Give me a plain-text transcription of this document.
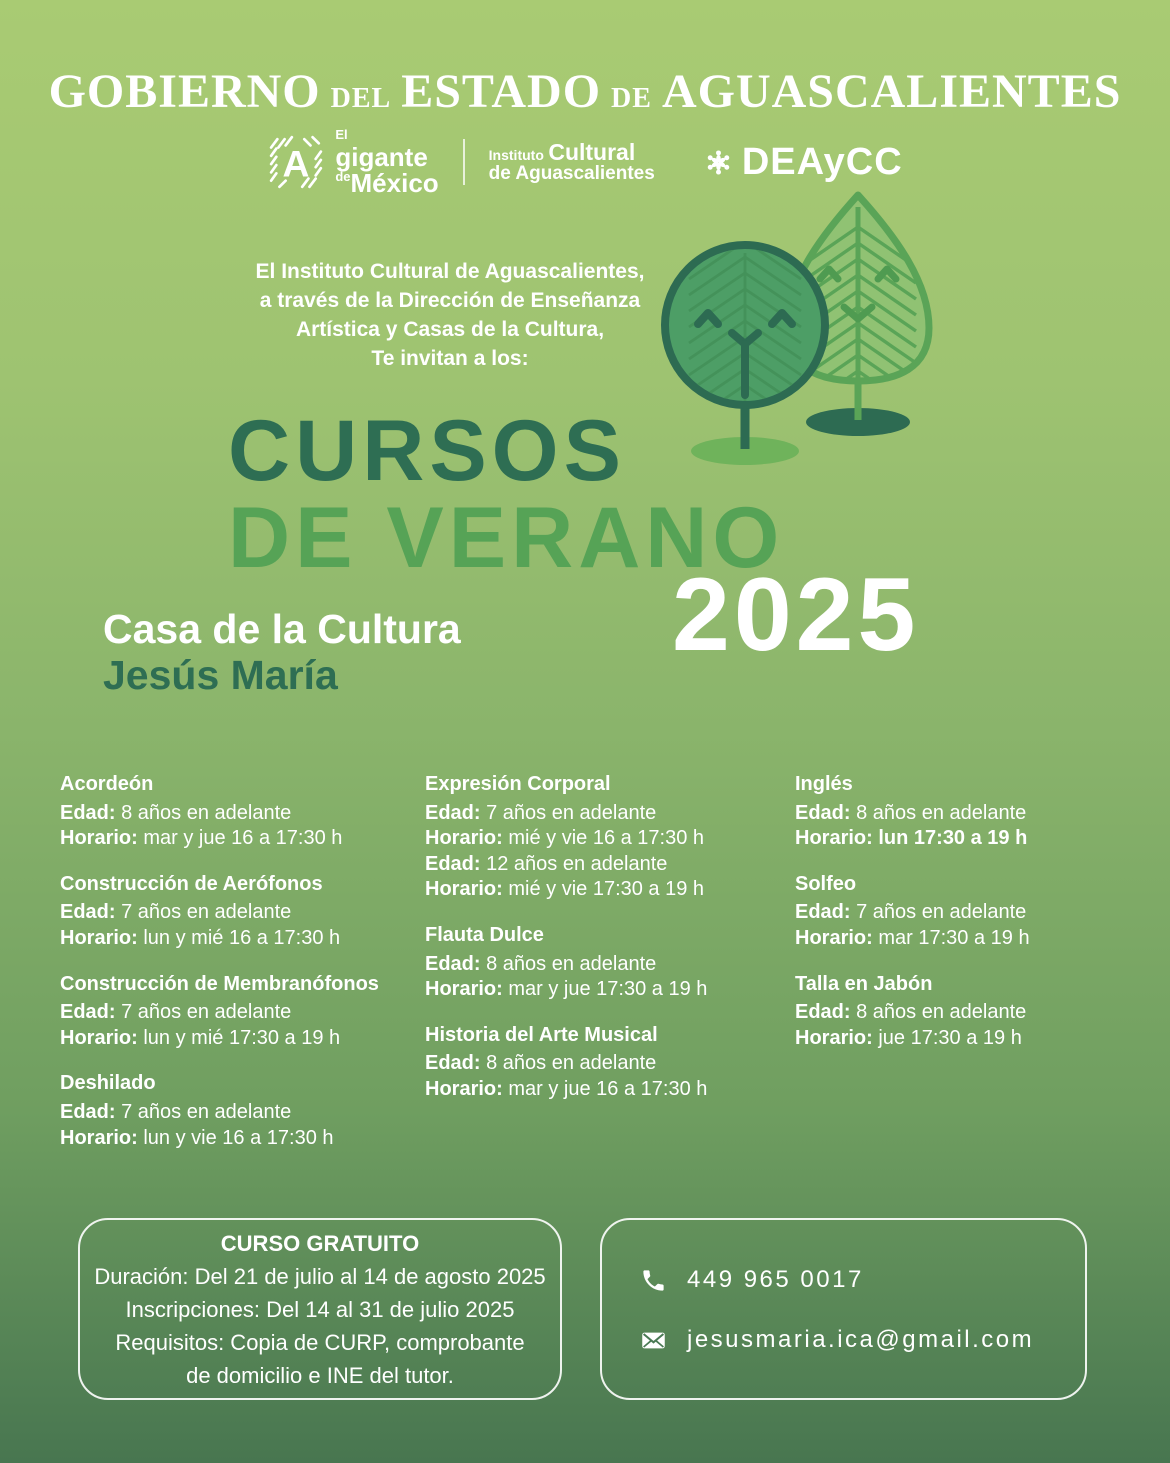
GOBIERNO DEL ESTADO DE AGUASCALIENTES
A
$^{El}$
gigante
$^{de}$México
Instituto Cultural
de Aguascalientes DEAyCC
El Instituto Cultural de Aguascalientes,
a través de la Dirección de Enseñanza
Artística y Casas de la Cultura,
Te invitan a los:
CURSOS
DE VERANO
2025
Casa de la Cultura
Jesús María

Acordeón

Edad: 8 años en adelante

Horario: mar y jue 16 a 17:30 h

Construcción de Aerófonos

Edad: 7 años en adelante

Horario: lun y mié 16 a 17:30 h

Construcción de Membranófonos

Edad: 7 años en adelante

Horario: lun y mié 17:30 a 19 h

Deshilado

Edad: 7 años en adelante

Horario: lun y vie 16 a 17:30 h

Expresión Corporal

Edad: 7 años en adelante

Horario: mié y vie 16 a 17:30 h

Edad: 12 años en adelante

Horario: mié y vie 17:30 a 19 h

Flauta Dulce

Edad: 8 años en adelante

Horario: mar y jue 17:30 a 19 h

Historia del Arte Musical

Edad: 8 años en adelante

Horario: mar y jue 16 a 17:30 h

Inglés

Edad: 8 años en adelante

Horario: lun 17:30 a 19 h

Solfeo

Edad: 7 años en adelante

Horario: mar 17:30 a 19 h

Talla en Jabón

Edad: 8 años en adelante

Horario: jue 17:30 a 19 h

CURSO GRATUITO
Duración: Del 21 de julio al 14 de agosto 2025
Inscripciones: Del 14 al 31 de julio 2025
Requisitos: Copia de CURP, comprobante
de domicilio e INE del tutor.
449 965 0017
jesusmaria.ica@gmail.com
